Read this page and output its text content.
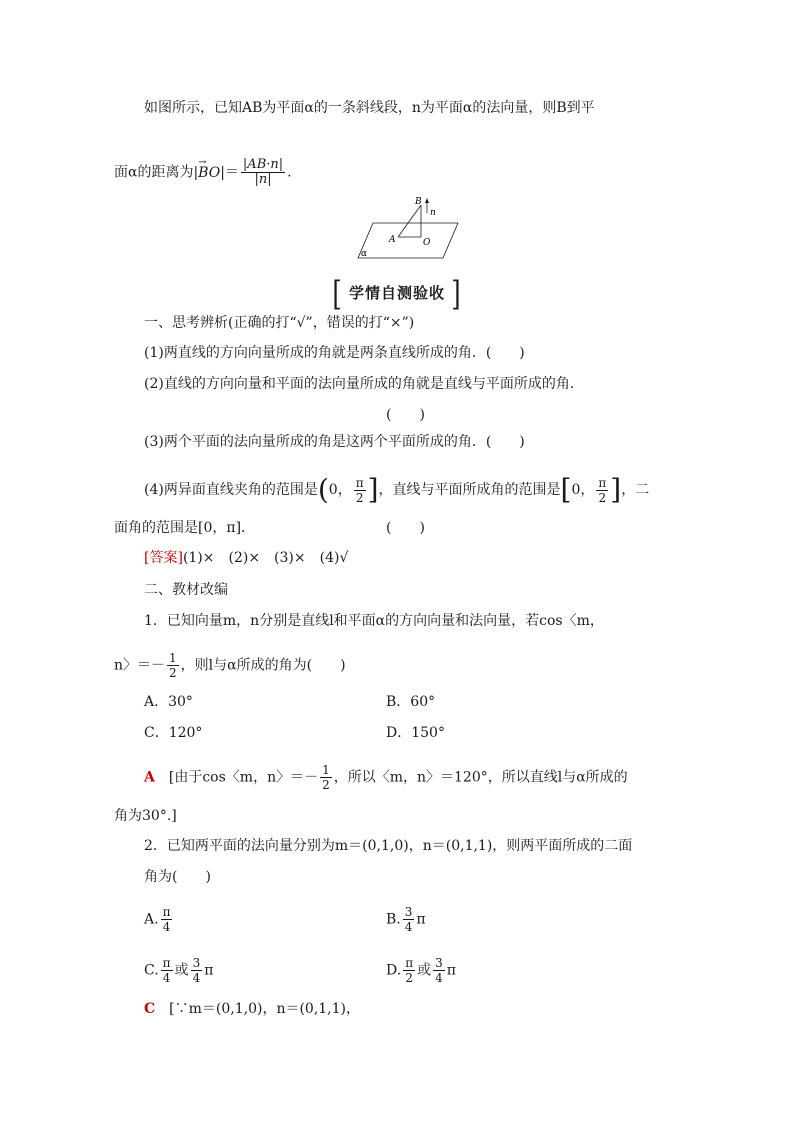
如图所示，已知AB为平面α的一条斜线段，n为平面α的法向量，则B到平
面α的距离为|
→
$BO|= \frac{|AB\cdot n|}{|n|}$ .
B
n
A	O
α
[ 学情自测验收 ]
一、思考辨析(正确的打“√”，错误的打“×”)
(1)两直线的方向向量所成的角就是两条直线所成的角．(　　)
(2)直线的方向向量和平面的法向量所成的角就是直线与平面所成的角．
(　　)
(3)两个平面的法向量所成的角是这两个平面所成的角．(　　)
(4)两异面直线夹角的范围是(0， $\frac{\pi}{2}$ ]，直线与平面所成角的范围是[0， $\frac{\pi}{2}$ ]，二
面角的范围是[0，π]．	(　　)
[答案](1)×　(2)×　(3)×　(4)√
二、教材改编
1．已知向量m，n分别是直线l和平面α的方向向量和法向量，若cos〈m，
n〉＝－ $\frac{1}{2}$ ，则l与α所成的角为(　　)
A．30°	B．60°
C．120°	D．150°
A　 [由于cos〈m，n〉＝－ $\frac{1}{2}$ ，所以〈m，n〉＝120°，所以直线l与α所成的
角为30°.]
2．已知两平面的法向量分别为m＝(0,1,0)，n＝(0,1,1)，则两平面所成的二面
角为(　　)
A. $\frac{\pi}{4}$	B. $\frac{3}{4}$ π
C. $\frac{\pi}{4}$ 或 $\frac{3}{4}$ π	D. $\frac{\pi}{2}$ 或 $\frac{3}{4}$ π
C　 [∵m＝(0,1,0)，n＝(0,1,1)，
